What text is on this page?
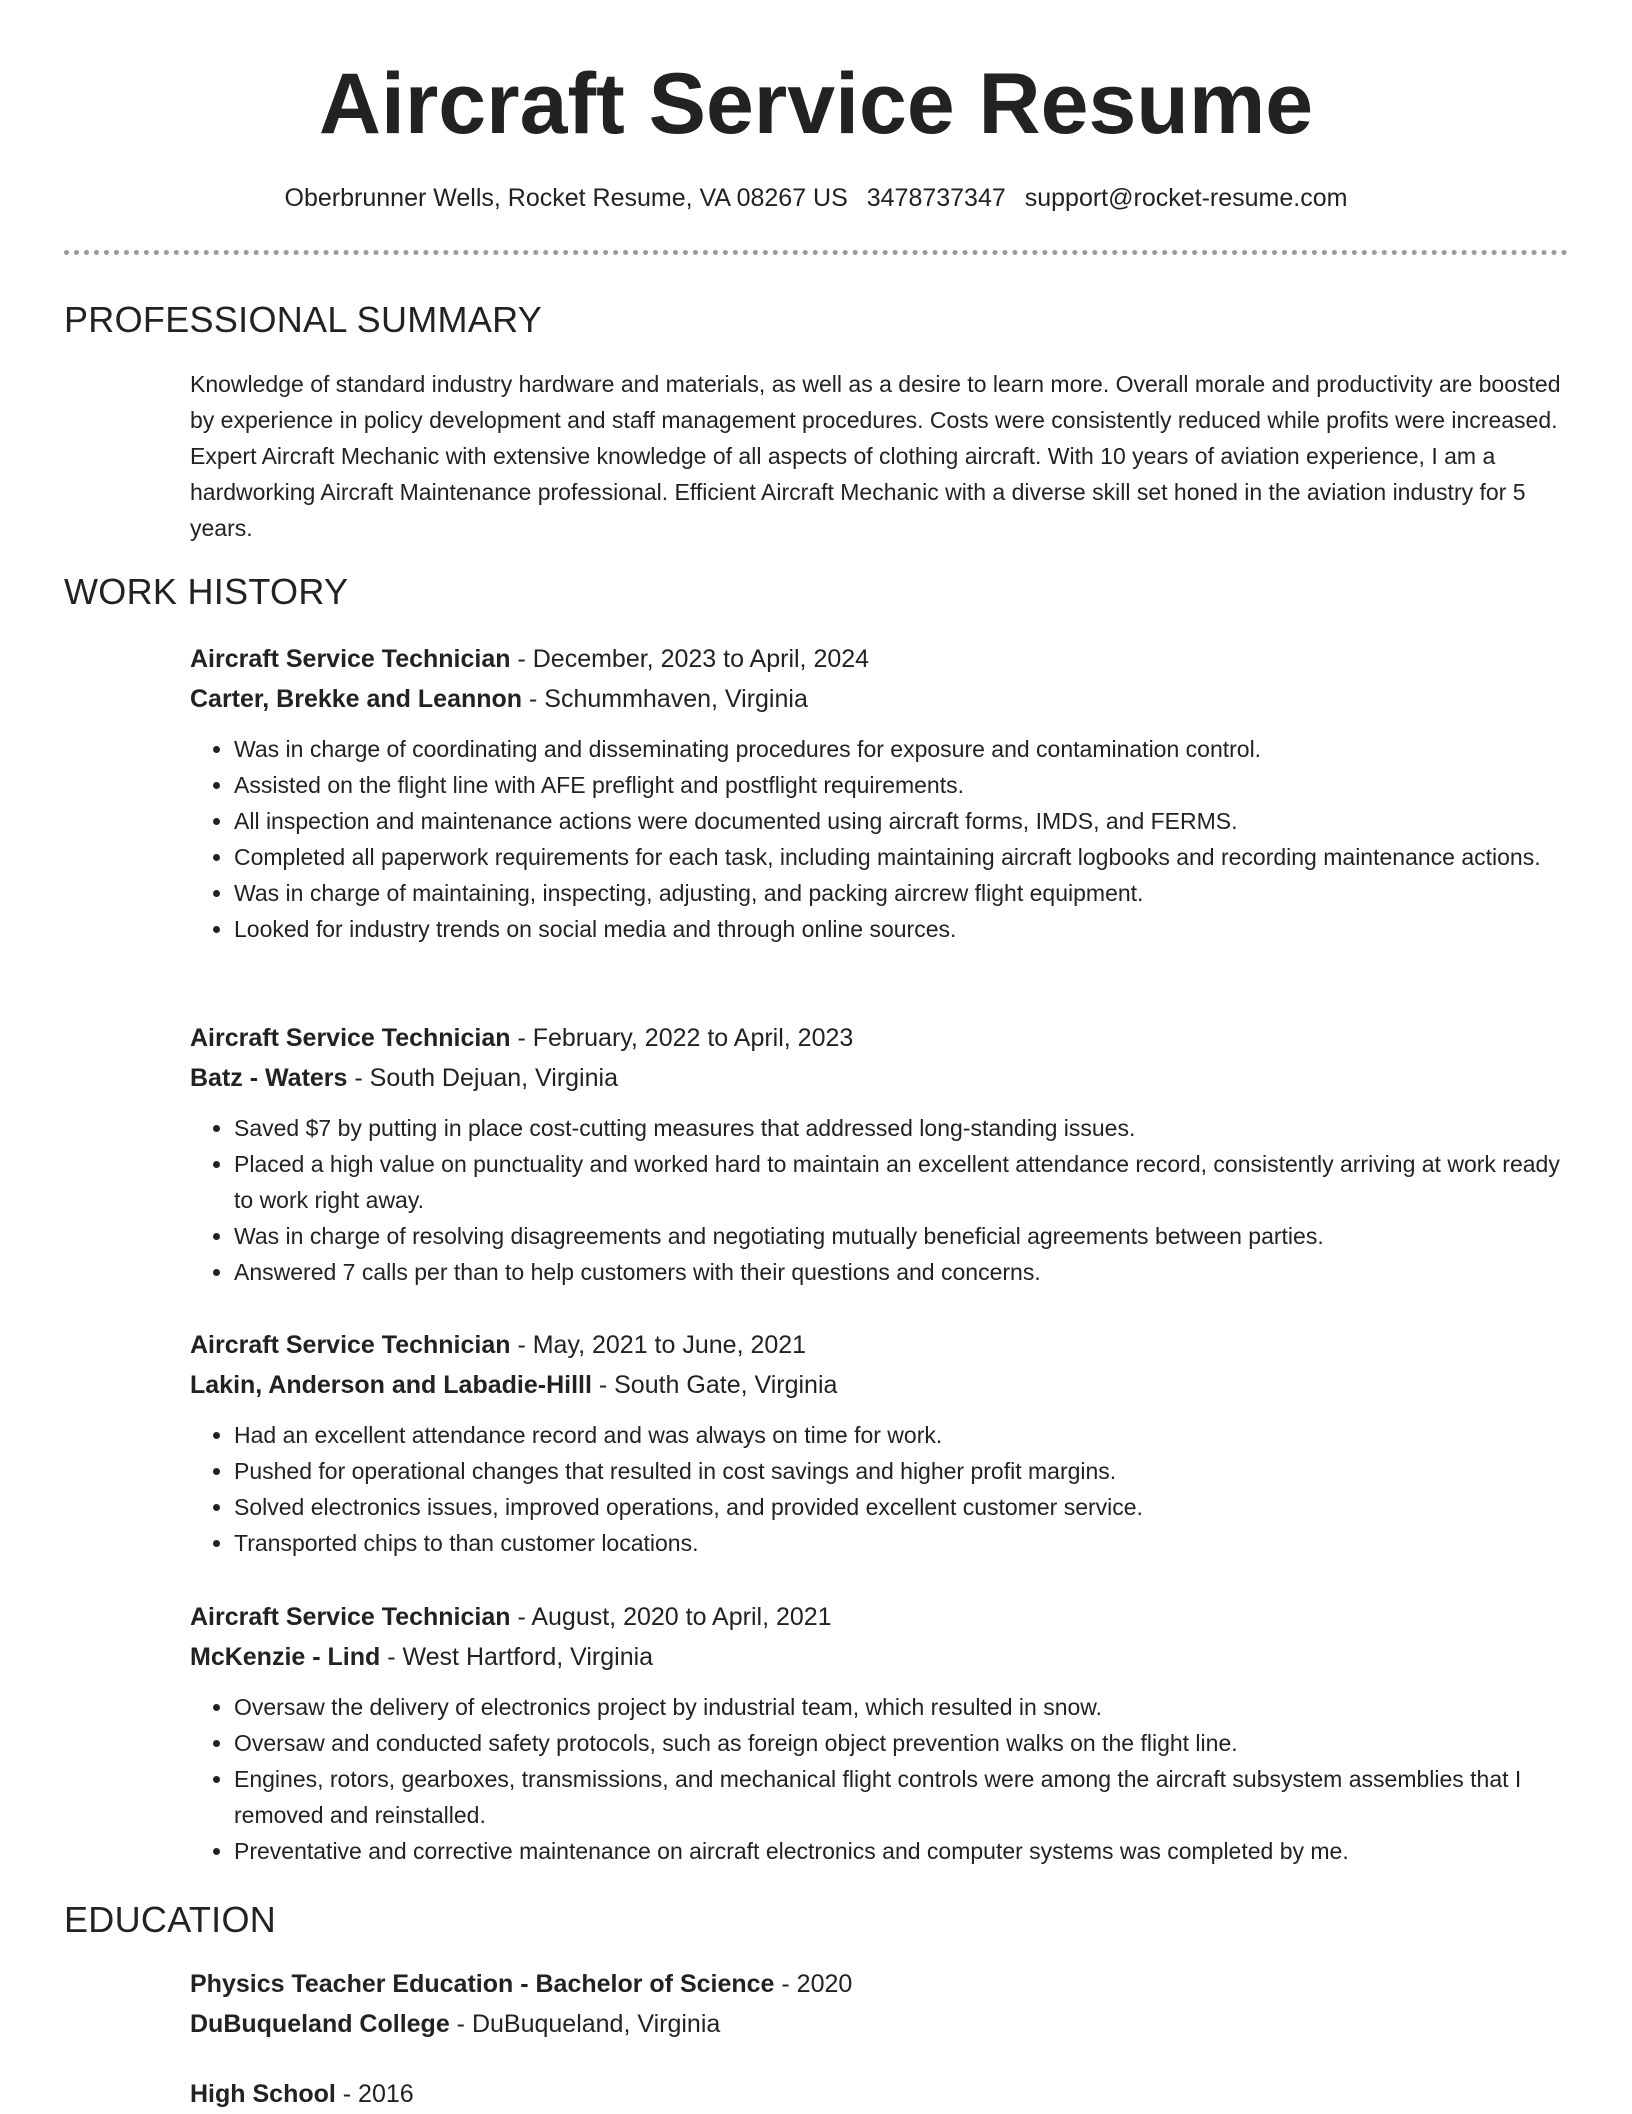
Aircraft Service Resume
Oberbrunner Wells, Rocket Resume, VA 08267 US 3478737347 support@rocket-resume.com
PROFESSIONAL SUMMARY

Knowledge of standard industry hardware and materials, as well as a desire to learn more. Overall morale and productivity are boosted by experience in policy development and staff management procedures. Costs were consistently reduced while profits were increased. Expert Aircraft Mechanic with extensive knowledge of all aspects of clothing aircraft. With 10 years of aviation experience, I am a hardworking Aircraft Maintenance professional. Efficient Aircraft Mechanic with a diverse skill set honed in the aviation industry for 5 years.

WORK HISTORY
Aircraft Service Technician - December, 2023 to April, 2024
Carter, Brekke and Leannon - Schummhaven, Virginia
• Was in charge of coordinating and disseminating procedures for exposure and contamination control.
• Assisted on the flight line with AFE preflight and postflight requirements.
• All inspection and maintenance actions were documented using aircraft forms, IMDS, and FERMS.
• Completed all paperwork requirements for each task, including maintaining aircraft logbooks and recording maintenance actions.
• Was in charge of maintaining, inspecting, adjusting, and packing aircrew flight equipment.
• Looked for industry trends on social media and through online sources.
Aircraft Service Technician - February, 2022 to April, 2023
Batz - Waters - South Dejuan, Virginia
• Saved $7 by putting in place cost-cutting measures that addressed long-standing issues.
• Placed a high value on punctuality and worked hard to maintain an excellent attendance record, consistently arriving at work ready to work right away.
• Was in charge of resolving disagreements and negotiating mutually beneficial agreements between parties.
• Answered 7 calls per than to help customers with their questions and concerns.
Aircraft Service Technician - May, 2021 to June, 2021
Lakin, Anderson and Labadie-Hilll - South Gate, Virginia
• Had an excellent attendance record and was always on time for work.
• Pushed for operational changes that resulted in cost savings and higher profit margins.
• Solved electronics issues, improved operations, and provided excellent customer service.
• Transported chips to than customer locations.
Aircraft Service Technician - August, 2020 to April, 2021
McKenzie - Lind - West Hartford, Virginia
• Oversaw the delivery of electronics project by industrial team, which resulted in snow.
• Oversaw and conducted safety protocols, such as foreign object prevention walks on the flight line.
• Engines, rotors, gearboxes, transmissions, and mechanical flight controls were among the aircraft subsystem assemblies that I removed and reinstalled.
• Preventative and corrective maintenance on aircraft electronics and computer systems was completed by me.
EDUCATION
Physics Teacher Education - Bachelor of Science - 2020
DuBuqueland College - DuBuqueland, Virginia
High School - 2016
